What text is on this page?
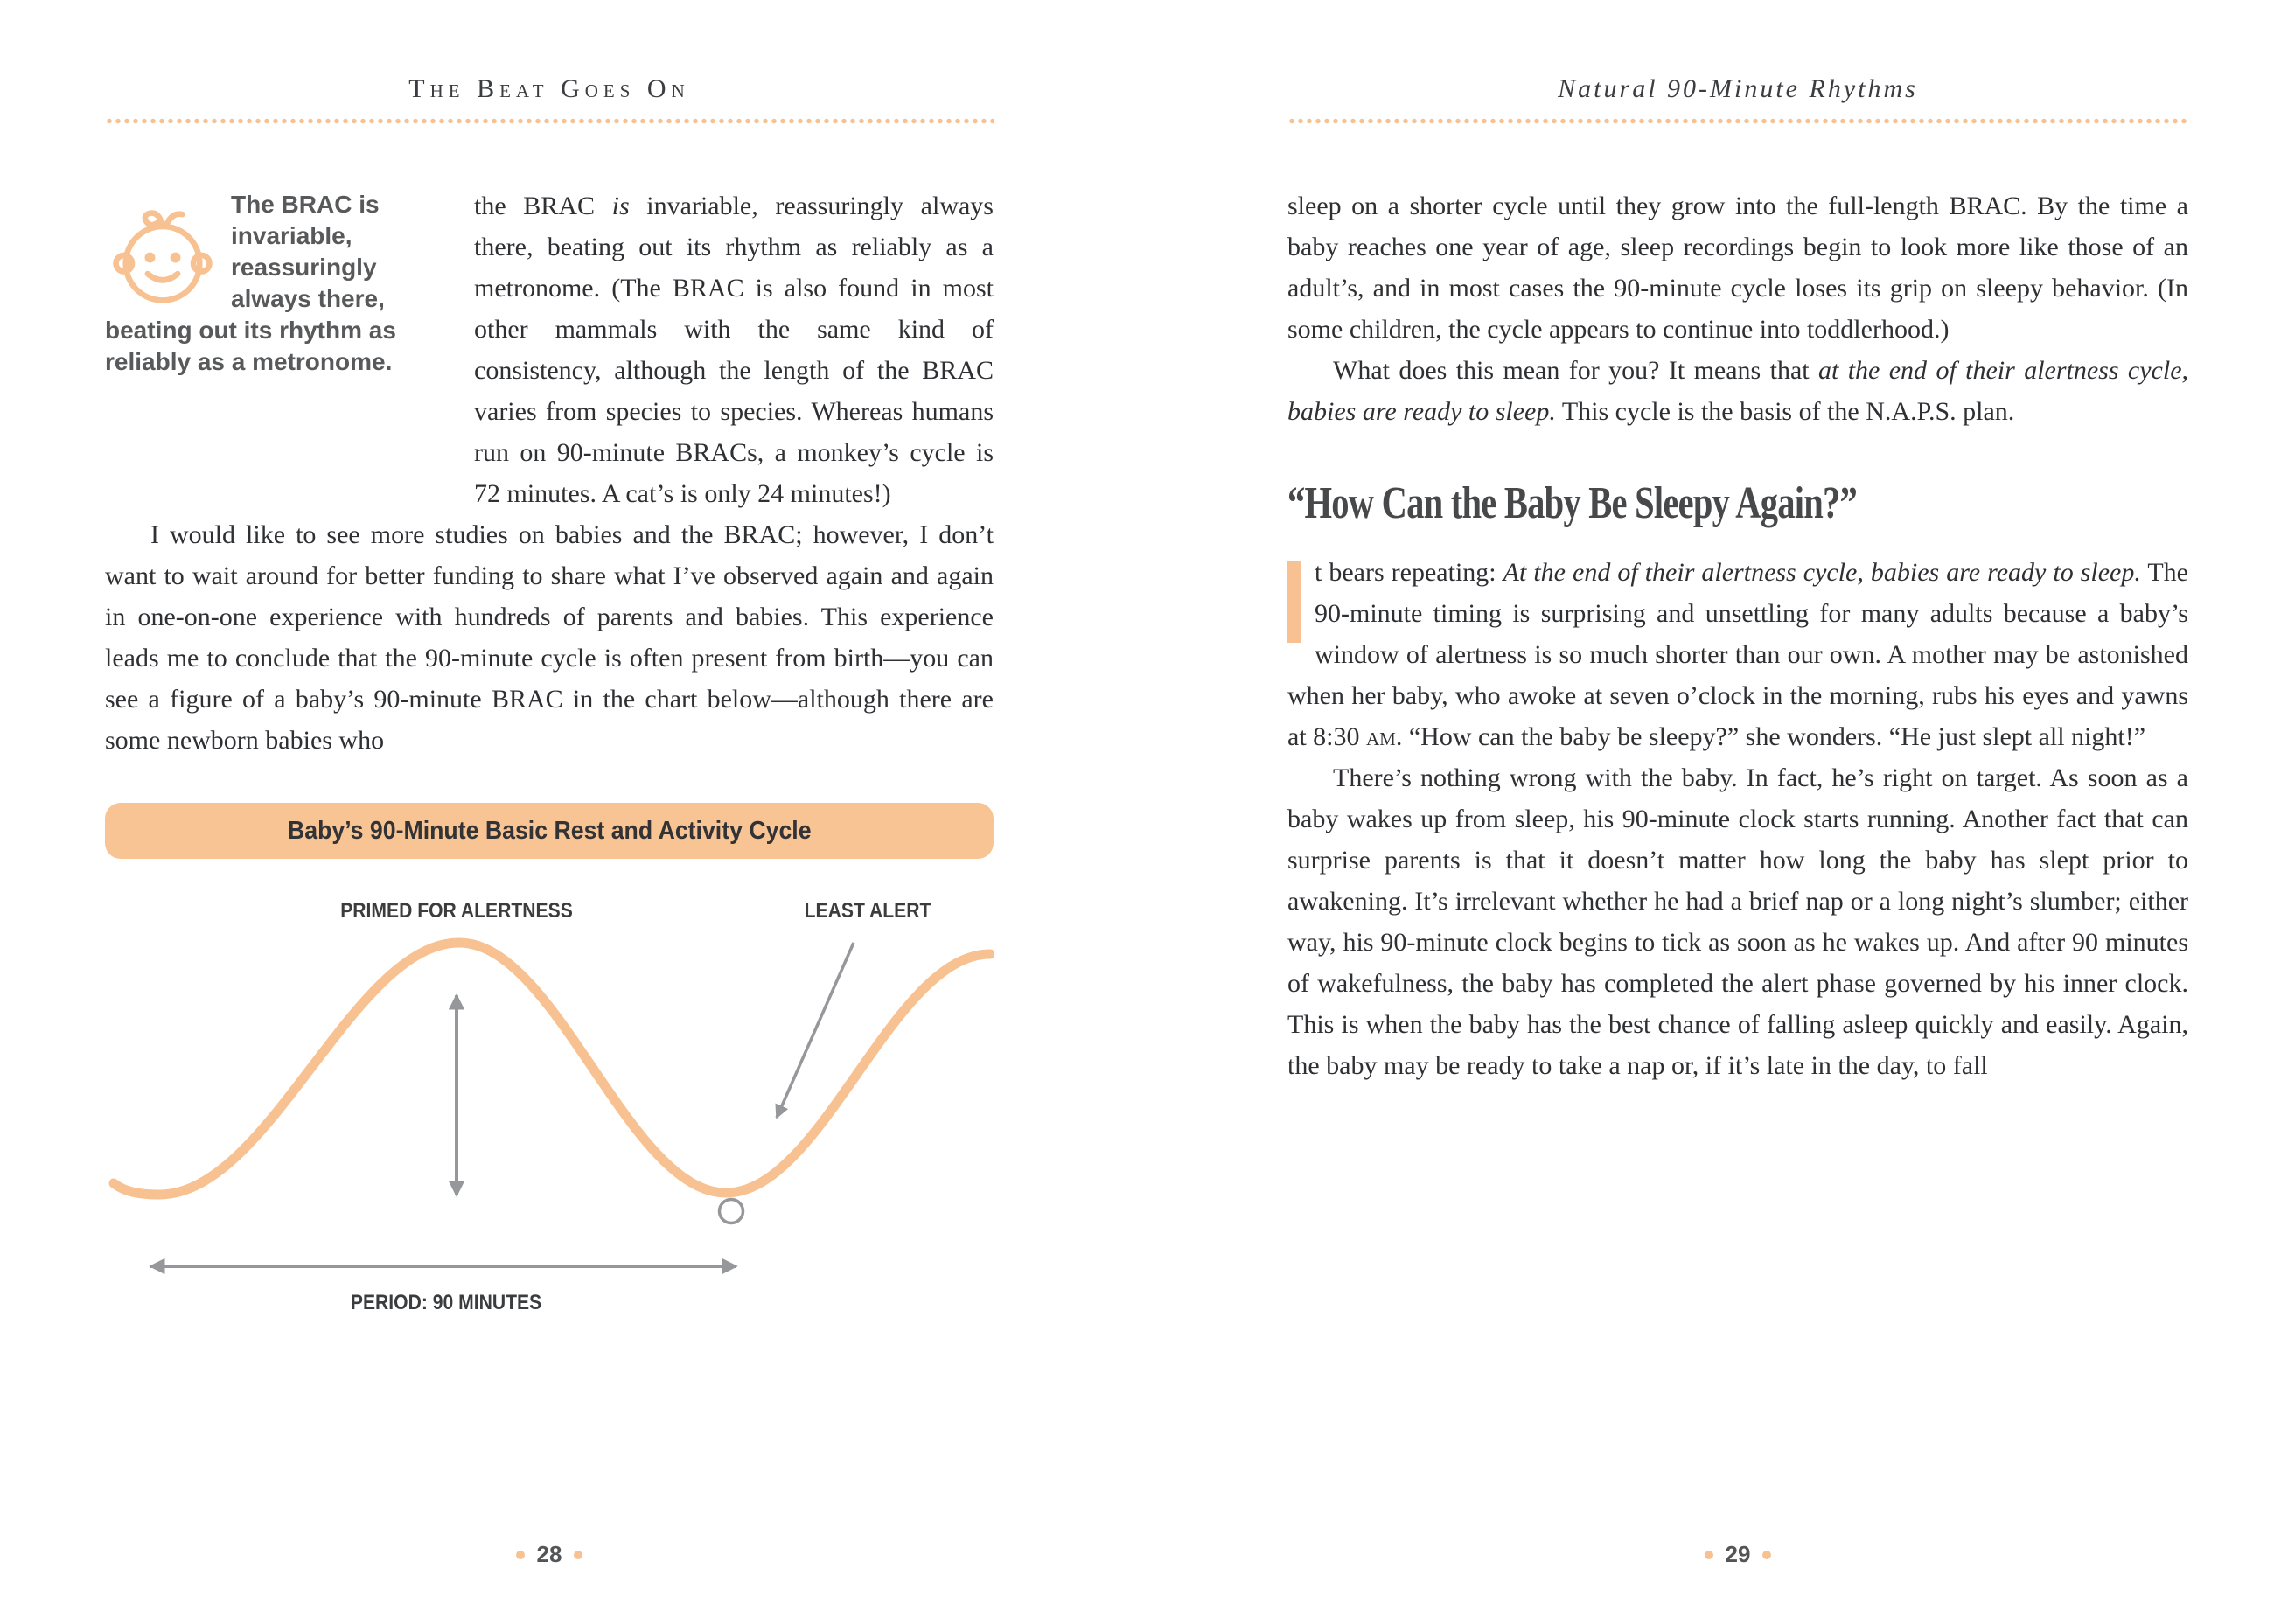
The Beat Goes On
The BRAC is invariable, reassuringly always there, beating out its rhythm as reliably as a metronome.

the BRAC is invariable, reassuringly always there, beating out its rhythm as reliably as a metronome. (The BRAC is also found in most other mammals with the same kind of consistency, although the length of the BRAC varies from species to species. Whereas humans run on 90-minute BRACs, a monkey’s cycle is 72 minutes. A cat’s is only 24 minutes!)

I would like to see more studies on babies and the BRAC; however, I don’t want to wait around for better funding to share what I’ve observed again and again in one-on-one experience with hundreds of parents and babies. This experience leads me to conclude that the 90-minute cycle is often present from birth—you can see a figure of a baby’s 90-minute BRAC in the chart below—although there are some newborn babies who

Baby’s 90-Minute Basic Rest and Activity Cycle
PRIMED FOR ALERTNESS	LEAST ALERT
PERIOD: 90 MINUTES
Natural 90-Minute Rhythms

sleep on a shorter cycle until they grow into the full-length BRAC. By the time a baby reaches one year of age, sleep recordings begin to look more like those of an adult’s, and in most cases the 90-minute cycle loses its grip on sleepy behavior. (In some children, the cycle appears to continue into toddlerhood.)

What does this mean for you? It means that at the end of their alertness cycle, babies are ready to sleep. This cycle is the basis of the N.A.P.S. plan.

“How Can the Baby Be Sleepy Again?”

t bears repeating: At the end of their alertness cycle, babies are ready to sleep. The 90-minute timing is surprising and unsettling for many adults because a baby’s window of alertness is so much shorter than our own. A mother may be astonished when her baby, who awoke at seven o’clock in the morning, rubs his eyes and yawns at 8:30 am. “How can the baby be sleepy?” she wonders. “He just slept all night!”

There’s nothing wrong with the baby. In fact, he’s right on target. As soon as a baby wakes up from sleep, his 90-minute clock starts running. Another fact that can surprise parents is that it doesn’t matter how long the baby has slept prior to awakening. It’s irrelevant whether he had a brief nap or a long night’s slumber; either way, his 90-minute clock begins to tick as soon as he wakes up. And after 90 minutes of wakefulness, the baby has completed the alert phase governed by his inner clock. This is when the baby has the best chance of falling asleep quickly and easily. Again, the baby may be ready to take a nap or, if it’s late in the day, to fall

28	29
